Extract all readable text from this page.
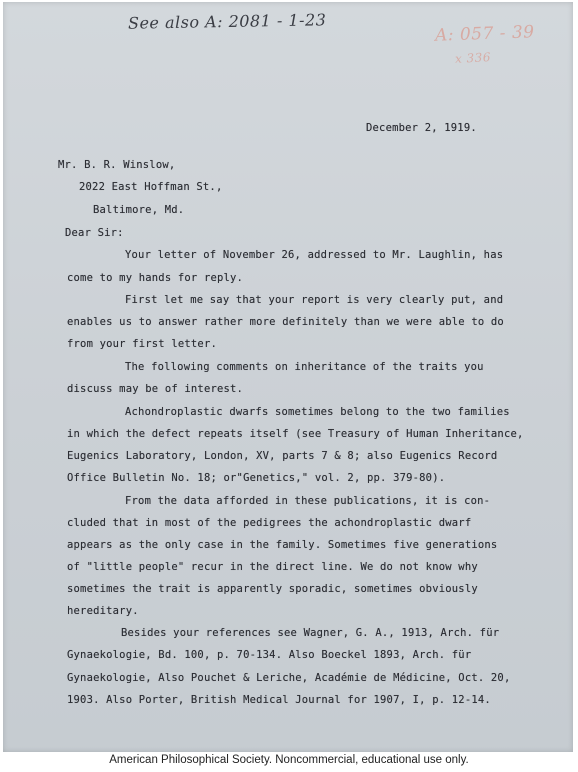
See also A: 2081 - 1-23
A: 057 - 39
x 336
December 2, 1919.
Mr. B. R. Winslow,
2022 East Hoffman St.,
Baltimore, Md.
Dear Sir:
Your letter of November 26, addressed to Mr. Laughlin, has
come to my hands for reply.
First let me say that your report is very clearly put, and
enables us to answer rather more definitely than we were able to do
from your first letter.
The following comments on inheritance of the traits you
discuss may be of interest.
Achondroplastic dwarfs sometimes belong to the two families
in which the defect repeats itself (see Treasury of Human Inheritance,
Eugenics Laboratory, London, XV, parts 7 & 8; also Eugenics Record
Office Bulletin No. 18; or"Genetics," vol. 2, pp. 379-80).
From the data afforded in these publications, it is con-
cluded that in most of the pedigrees the achondroplastic dwarf
appears as the only case in the family. Sometimes five generations
of "little people" recur in the direct line. We do not know why
sometimes the trait is apparently sporadic, sometimes obviously
hereditary.
Besides your references see Wagner, G. A., 1913, Arch. für
Gynaekologie, Bd. 100, p. 70-134. Also Boeckel 1893, Arch. für
Gynaekologie, Also Pouchet & Leriche, Académie de Médicine, Oct. 20,
1903. Also Porter, British Medical Journal for 1907, I, p. 12-14.
American Philosophical Society. Noncommercial, educational use only.
